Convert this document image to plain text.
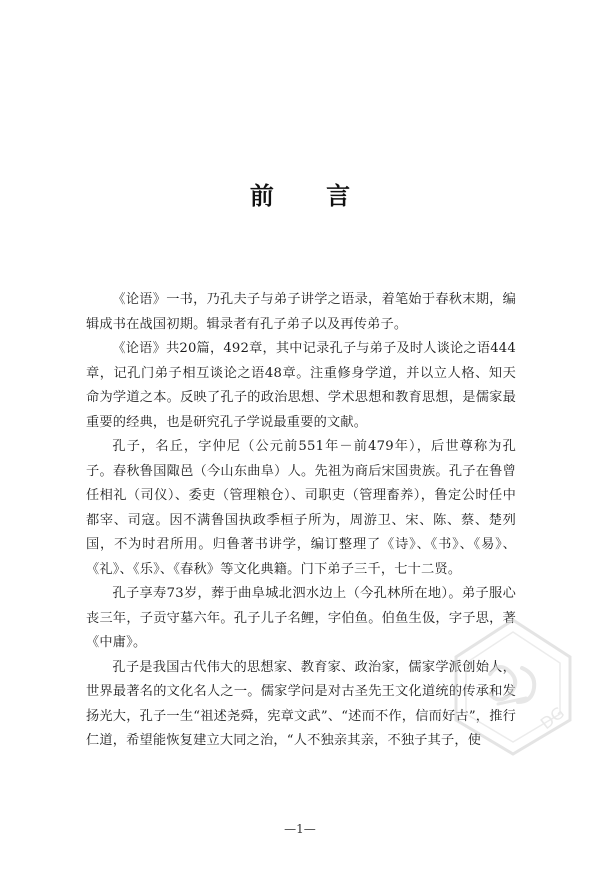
前 言

《论语》一书，乃孔夫子与弟子讲学之语录，着笔始于春秋末期，编辑成书在战国初期。辑录者有孔子弟子以及再传弟子。

《论语》共20篇，492章，其中记录孔子与弟子及时人谈论之语444章，记孔门弟子相互谈论之语48章。注重修身学道，并以立人格、知天命为学道之本。反映了孔子的政治思想、学术思想和教育思想，是儒家最重要的经典，也是研究孔子学说最重要的文献。

孔子，名丘，字仲尼（公元前551年－前479年），后世尊称为孔子。春秋鲁国陬邑（今山东曲阜）人。先祖为商后宋国贵族。孔子在鲁曾任相礼（司仪）、委吏（管理粮仓）、司职吏（管理畜养），鲁定公时任中都宰、司寇。因不满鲁国执政季桓子所为，周游卫、宋、陈、蔡、楚列国，不为时君所用。归鲁著书讲学，编订整理了《诗》、《书》、《易》、《礼》、《乐》、《春秋》等文化典籍。门下弟子三千，七十二贤。

孔子享寿73岁，葬于曲阜城北泗水边上（今孔林所在地）。弟子服心丧三年，子贡守墓六年。孔子儿子名鲤，字伯鱼。伯鱼生伋，字子思，著《中庸》。

孔子是我国古代伟大的思想家、教育家、政治家，儒家学派创始人，世界最著名的文化名人之一。儒家学问是对古圣先王文化道统的传承和发扬光大，孔子一生“祖述尧舜，宪章文武”、“述而不作，信而好古”，推行仁道，希望能恢复建立大同之治，“人不独亲其亲，不独子其子，使

DG
—1—
